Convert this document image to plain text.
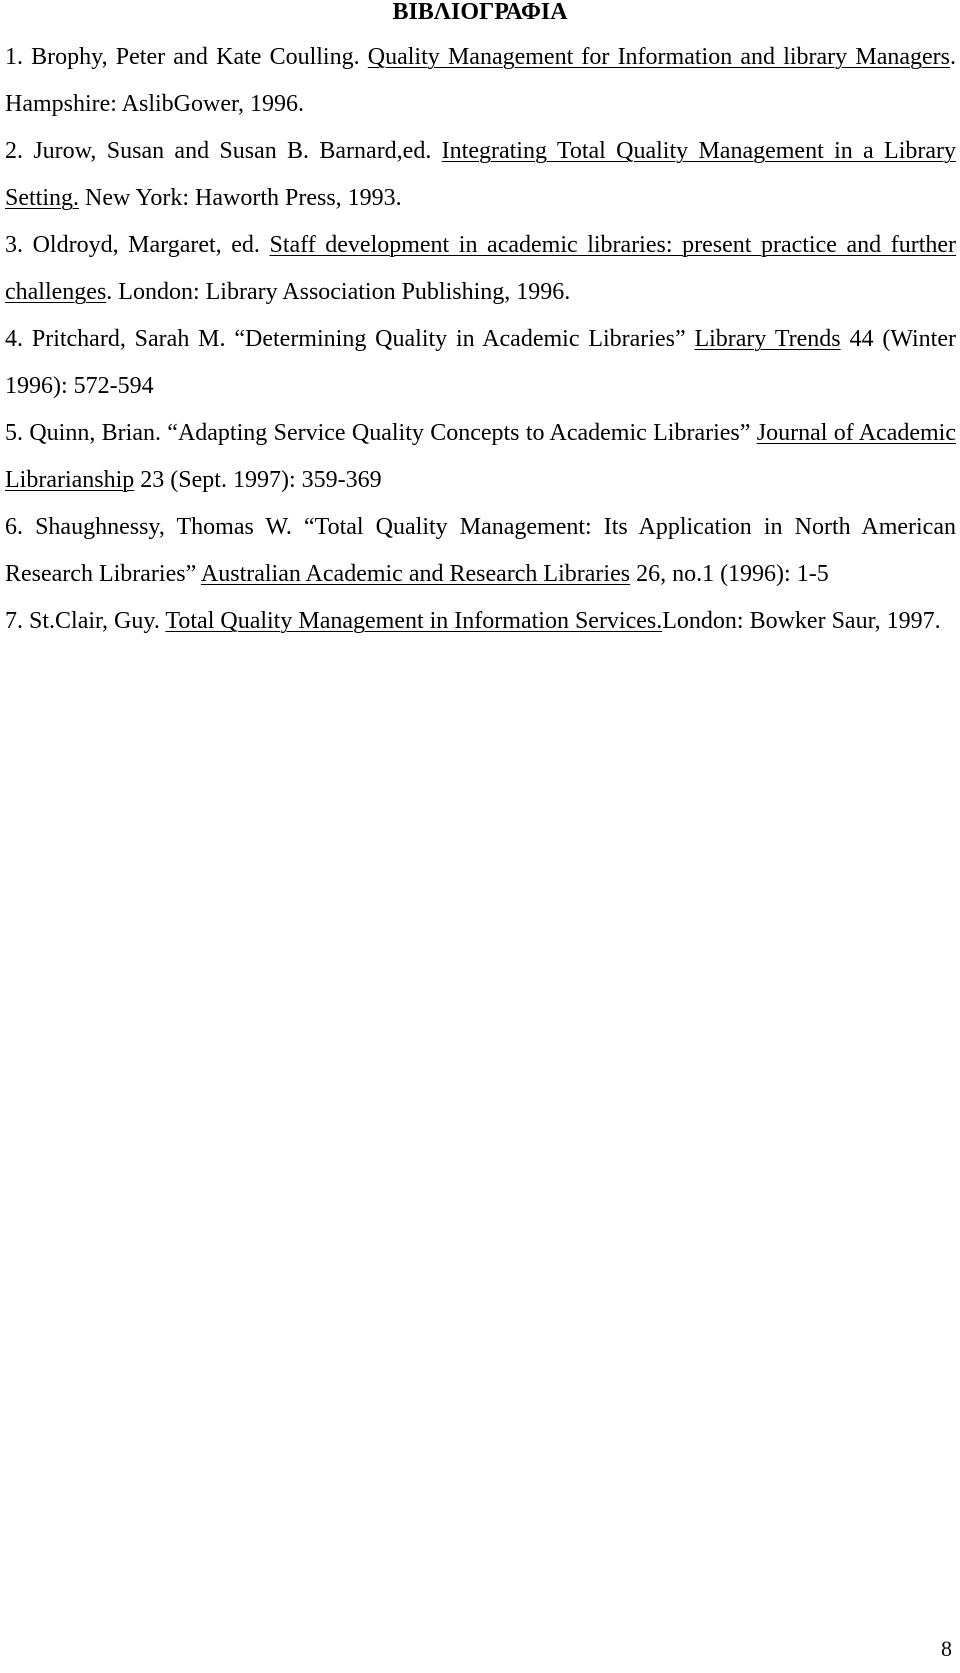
ΒΙΒΛΙΟΓΡΑΦΙΑ
1. Brophy, Peter and Kate Coulling. Quality Management for Information and library Managers. Hampshire: AslibGower, 1996.
2. Jurow, Susan and Susan B. Barnard,ed. Integrating Total Quality Management in a Library Setting. New York: Haworth Press, 1993.
3. Oldroyd, Margaret, ed. Staff development in academic libraries: present practice and further challenges. London: Library Association Publishing, 1996.
4. Pritchard, Sarah M. “Determining Quality in Academic Libraries” Library Trends 44 (Winter 1996): 572-594
5. Quinn, Brian. “Adapting Service Quality Concepts to Academic Libraries” Journal of Academic Librarianship 23 (Sept. 1997): 359-369
6. Shaughnessy, Thomas W. “Total Quality Management: Its Application in North American Research Libraries” Australian Academic and Research Libraries 26, no.1 (1996): 1-5
7. St.Clair, Guy. Total Quality Management in Information Services.London: Bowker Saur, 1997.
8
